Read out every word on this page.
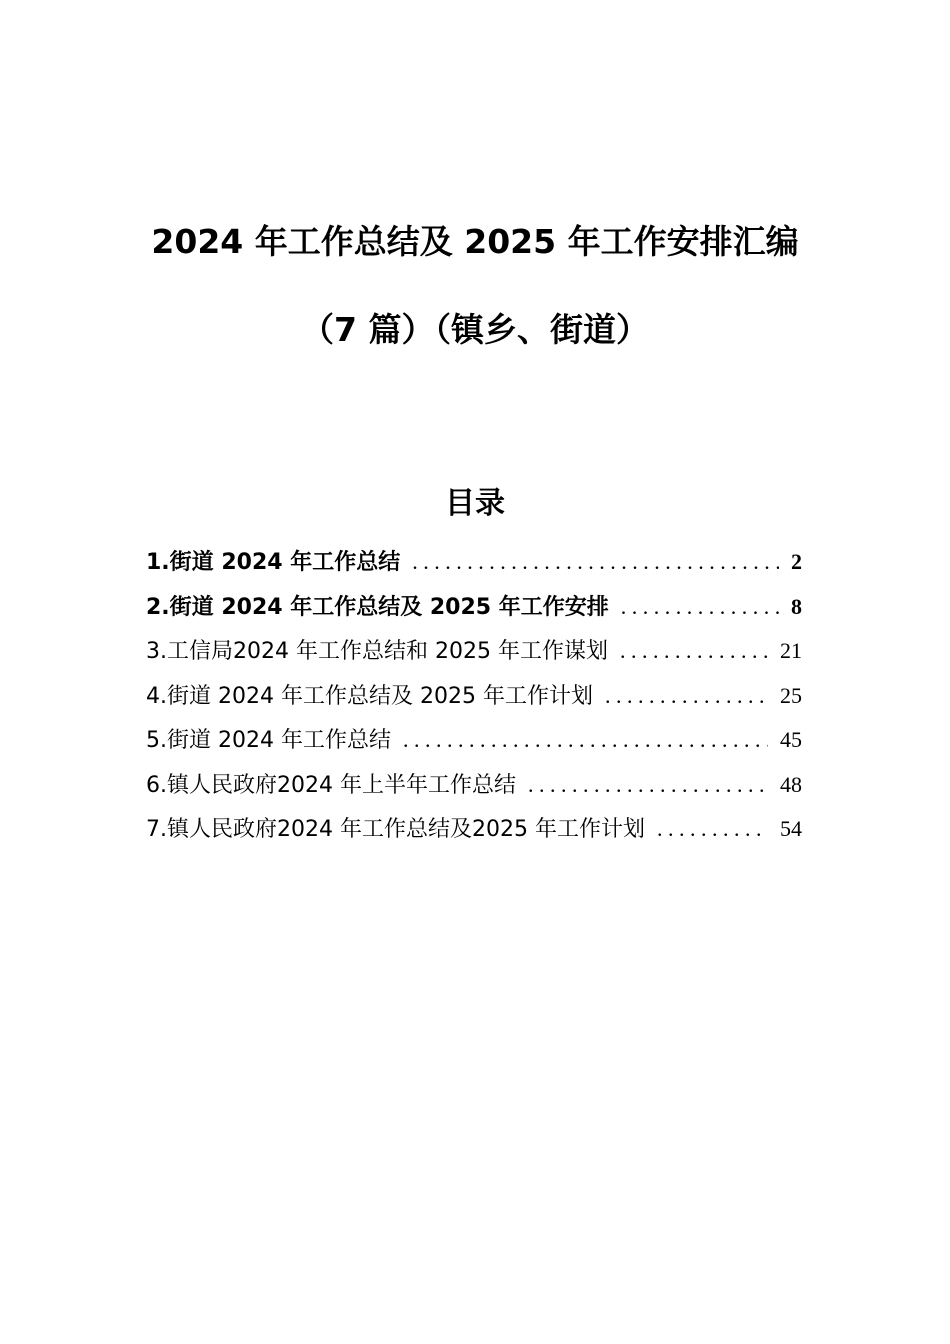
2024 年工作总结及 2025 年工作安排汇编
（7 篇）（镇乡、街道）
目录
1.街道 2024 年工作总结 . . .	2
2.街道 2024 年工作总结及 2025 年工作安排 . . .	8
3.工信局2024 年工作总结和 2025 年工作谋划 . . .	21
4.街道 2024 年工作总结及 2025 年工作计划 . . .	25
5.街道 2024 年工作总结 . . .	45
6.镇人民政府2024 年上半年工作总结 . . .	48
7.镇人民政府2024 年工作总结及2025 年工作计划 . . .	54
